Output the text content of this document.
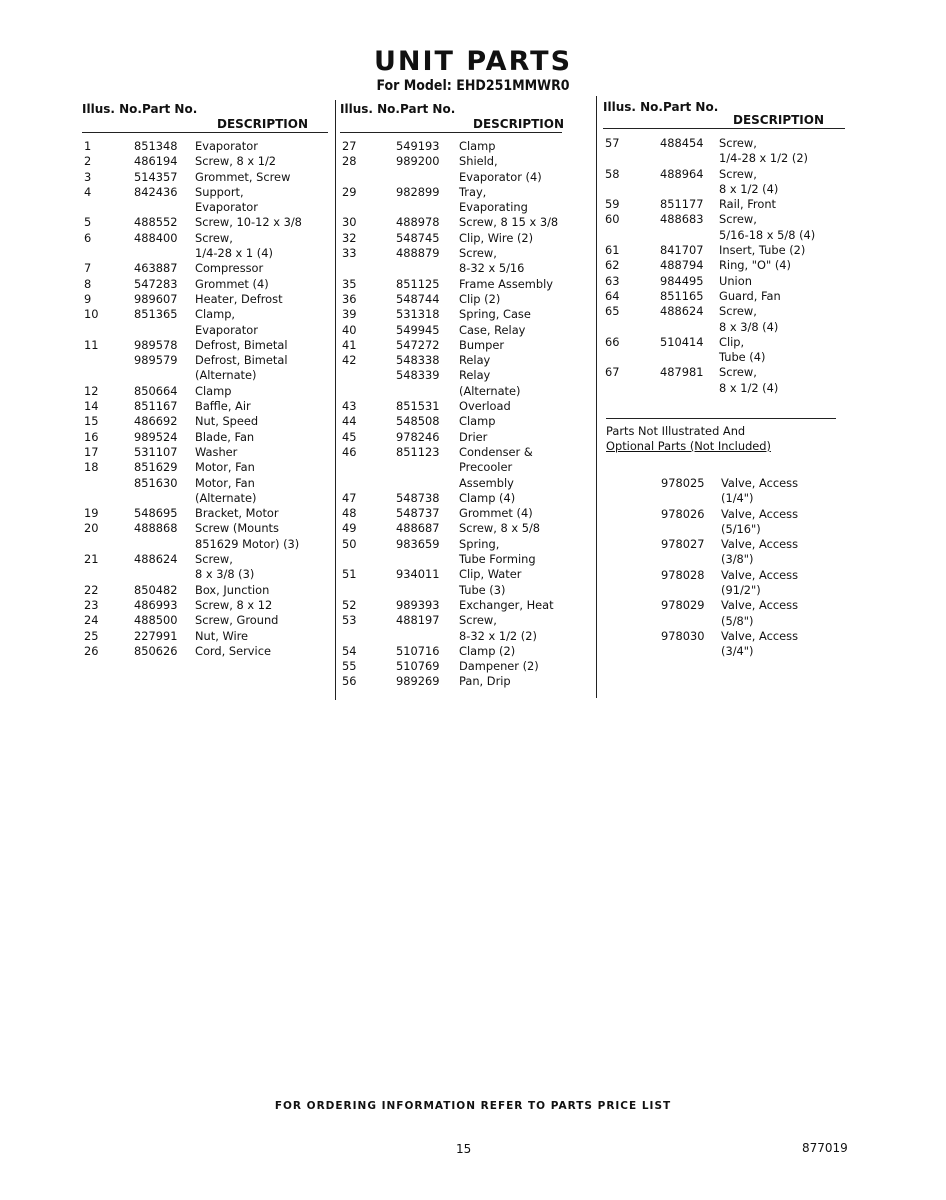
UNIT PARTS
For Model: EHD251MMWR0
Illus. No. Part No.
DESCRIPTION
1	851348 Evaporator
2	486194 Screw, 8 x 1/2
3	514357 Grommet, Screw
4	842436 Support,
Evaporator
5	488552 Screw, 10-12 x 3/8
6	488400 Screw,
1/4-28 x 1 (4)
7	463887 Compressor
8	547283 Grommet (4)
9	989607 Heater, Defrost
10	851365 Clamp,
Evaporator
11	989578 Defrost, Bimetal
989579 Defrost, Bimetal
(Alternate)
12	850664 Clamp
14	851167 Baffle, Air
15	486692 Nut, Speed
16	989524 Blade, Fan
17	531107 Washer
18	851629 Motor, Fan
851630 Motor, Fan
(Alternate)
19	548695 Bracket, Motor
20	488868 Screw (Mounts
851629 Motor) (3)
21	488624 Screw,
8 x 3/8 (3)
22	850482 Box, Junction
23	486993 Screw, 8 x 12
24	488500 Screw, Ground
25	227991 Nut, Wire
26	850626 Cord, Service
Illus. No. Part No.
DESCRIPTION
27	549193 Clamp
28	989200 Shield,
Evaporator (4)
29	982899 Tray,
Evaporating
30	488978 Screw, 8 15 x 3/8
32	548745 Clip, Wire (2)
33	488879 Screw,
8-32 x 5/16
35	851125 Frame Assembly
36	548744 Clip (2)
39	531318 Spring, Case
40	549945 Case, Relay
41	547272 Bumper
42	548338 Relay
548339 Relay
(Alternate)
43	851531 Overload
44	548508 Clamp
45	978246 Drier
46	851123 Condenser &
Precooler
Assembly
47	548738 Clamp (4)
48	548737 Grommet (4)
49	488687 Screw, 8 x 5/8
50	983659 Spring,
Tube Forming
51	934011 Clip, Water
Tube (3)
52	989393 Exchanger, Heat
53	488197 Screw,
8-32 x 1/2 (2)
54	510716 Clamp (2)
55	510769 Dampener (2)
56	989269 Pan, Drip
Illus. No. Part No.
DESCRIPTION
57	488454 Screw,
1/4-28 x 1/2 (2)
58	488964 Screw,
8 x 1/2 (4)
59	851177 Rail, Front
60	488683 Screw,
5/16-18 x 5/8 (4)
61	841707 Insert, Tube (2)
62	488794 Ring, "O" (4)
63	984495 Union
64	851165 Guard, Fan
65	488624 Screw,
8 x 3/8 (4)
66	510414 Clip,
Tube (4)
67	487981 Screw,
8 x 1/2 (4)
Parts Not Illustrated And
Optional Parts (Not Included)
978025 Valve, Access
(1/4")
978026 Valve, Access
(5/16")
978027 Valve, Access
(3/8")
978028 Valve, Access
(91/2")
978029 Valve, Access
(5/8")
978030 Valve, Access
(3/4")
FOR ORDERING INFORMATION REFER TO PARTS PRICE LIST
15	877019
